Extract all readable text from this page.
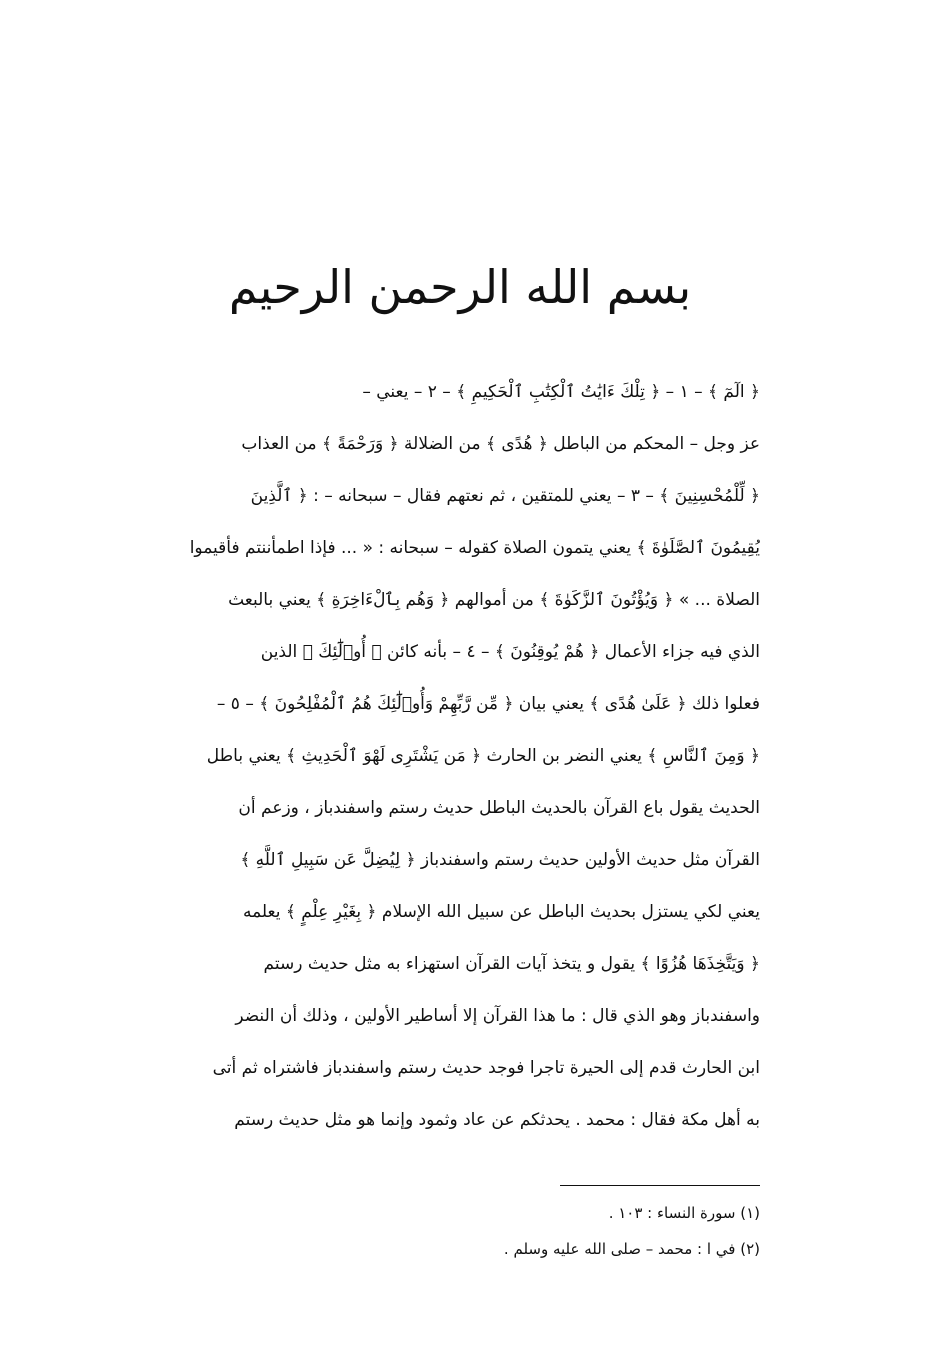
بسم الله الرحمن الرحيم
﴿ الٓمٓ ﴾ – ١ – ﴿ تِلْكَ ءَايَٰتُ ٱلْكِتَٰبِ ٱلْحَكِيمِ ﴾ – ٢ – يعني –
عز وجل – المحكم من الباطل ﴿ هُدًى ﴾ من الضلالة ﴿ وَرَحْمَةً ﴾ من العذاب
﴿ لِّلْمُحْسِنِينَ ﴾ – ٣ – يعني للمتقين ، ثم نعتهم فقال – سبحانه – : ﴿ ٱلَّذِينَ
يُقِيمُونَ ٱلصَّلَوٰةَ ﴾ يعني يتمون الصلاة كقوله – سبحانه : « ... فإذا اطمأننتم فأقيموا
الصلاة ... » ﴿ وَيُؤْتُونَ ٱلزَّكَوٰةَ ﴾ من أموالهم ﴿ وَهُم بِٱلْءَاخِرَةِ ﴾ يعني بالبعث
الذي فيه جزاء الأعمال ﴿ هُمْ يُوقِنُونَ ﴾ – ٤ – بأنه كائن ﴿ أُو۟لَٰٓئِكَ ﴾ الذين
فعلوا ذلك ﴿ عَلَىٰ هُدًى ﴾ يعني بيان ﴿ مِّن رَّبِّهِمْ وَأُو۟لَٰٓئِكَ هُمُ ٱلْمُفْلِحُونَ ﴾ – ٥ –
﴿ وَمِنَ ٱلنَّاسِ ﴾ يعني النضر بن الحارث ﴿ مَن يَشْتَرِى لَهْوَ ٱلْحَدِيثِ ﴾ يعني باطل
الحديث يقول باع القرآن بالحديث الباطل حديث رستم واسفندباز ، وزعم أن
القرآن مثل حديث الأولين حديث رستم واسفندباز ﴿ لِيُضِلَّ عَن سَبِيلِ ٱللَّهِ ﴾
يعني لكي يستزل بحديث الباطل عن سبيل الله الإسلام ﴿ بِغَيْرِ عِلْمٍ ﴾ يعلمه
﴿ وَيَتَّخِذَهَا هُزُوًا ﴾ يقول و يتخذ آيات القرآن استهزاء به مثل حديث رستم
واسفندباز وهو الذي قال : ما هذا القرآن إلا أساطير الأولين ، وذلك أن النضر
ابن الحارث قدم إلى الحيرة تاجرا فوجد حديث رستم واسفندباز فاشتراه ثم أتى
به أهل مكة فقال : محمد . يحدثكم عن عاد وثمود وإنما هو مثل حديث رستم
(١) سورة النساء : ١٠٣ .
(٢) في ا : محمد – صلى الله عليه وسلم .
